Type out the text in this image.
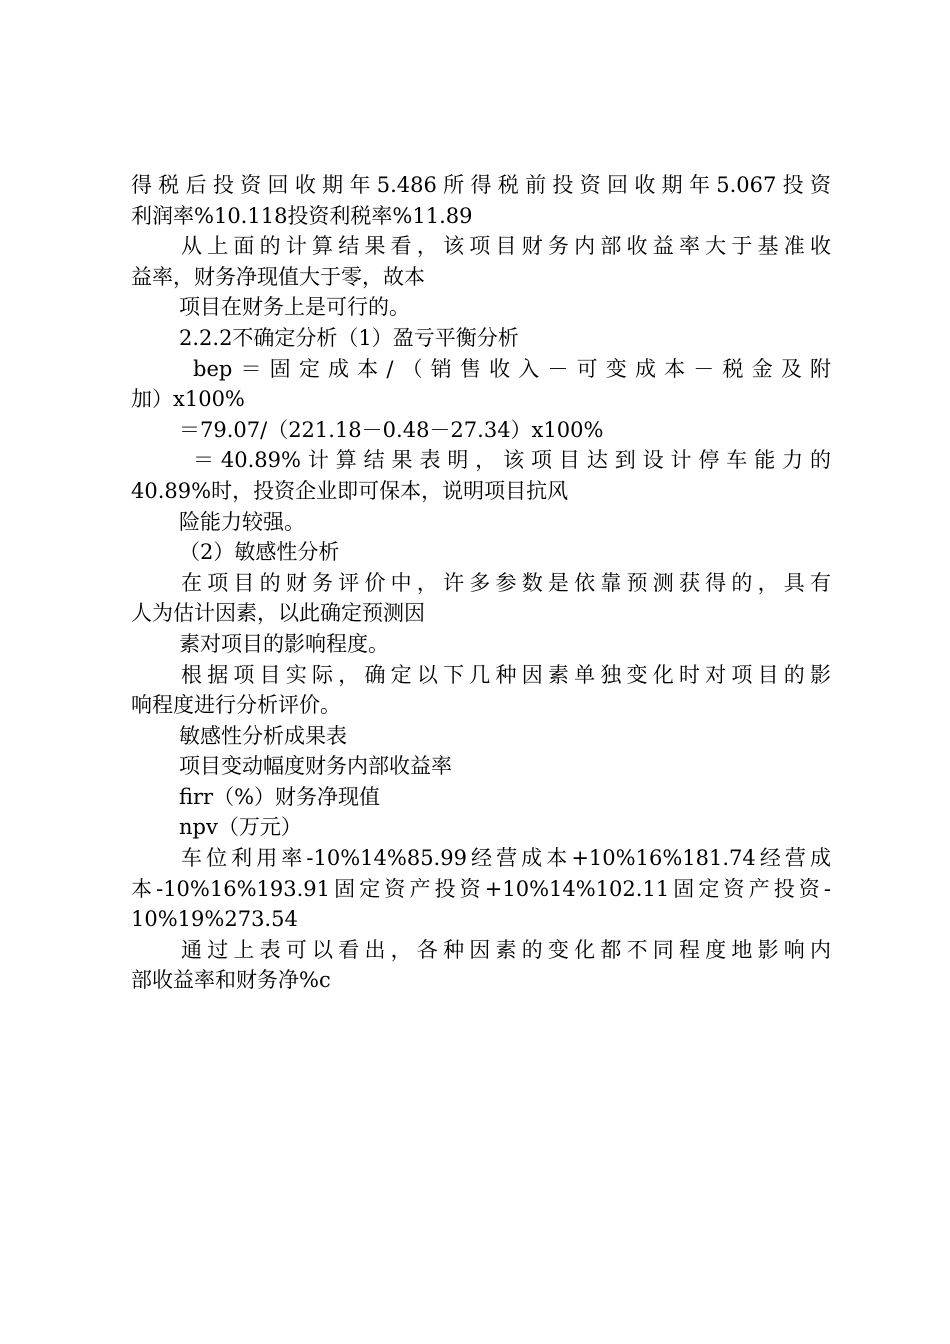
得税后投资回收期年5.486所得税前投资回收期年5.067投资
利润率%10.118投资利税率%11.89
从上面的计算结果看，该项目财务内部收益率大于基准收
益率，财务净现值大于零，故本
项目在财务上是可行的。
2.2.2不确定分析（1）盈亏平衡分析
bep＝固定成本/（销售收入－可变成本－税金及附
加）x100%
＝79.07/（221.18－0.48－27.34）x100%
＝40.89%计算结果表明，该项目达到设计停车能力的
40.89%时，投资企业即可保本，说明项目抗风
险能力较强。
（2）敏感性分析
在项目的财务评价中，许多参数是依靠预测获得的，具有
人为估计因素，以此确定预测因
素对项目的影响程度。
根据项目实际，确定以下几种因素单独变化时对项目的影
响程度进行分析评价。
敏感性分析成果表
项目变动幅度财务内部收益率
firr（%）财务净现值
npv（万元）
车位利用率-10%14%85.99经营成本+10%16%181.74经营成
本-10%16%193.91固定资产投资+10%14%102.11固定资产投资-
10%19%273.54
通过上表可以看出，各种因素的变化都不同程度地影响内
部收益率和财务净%c
